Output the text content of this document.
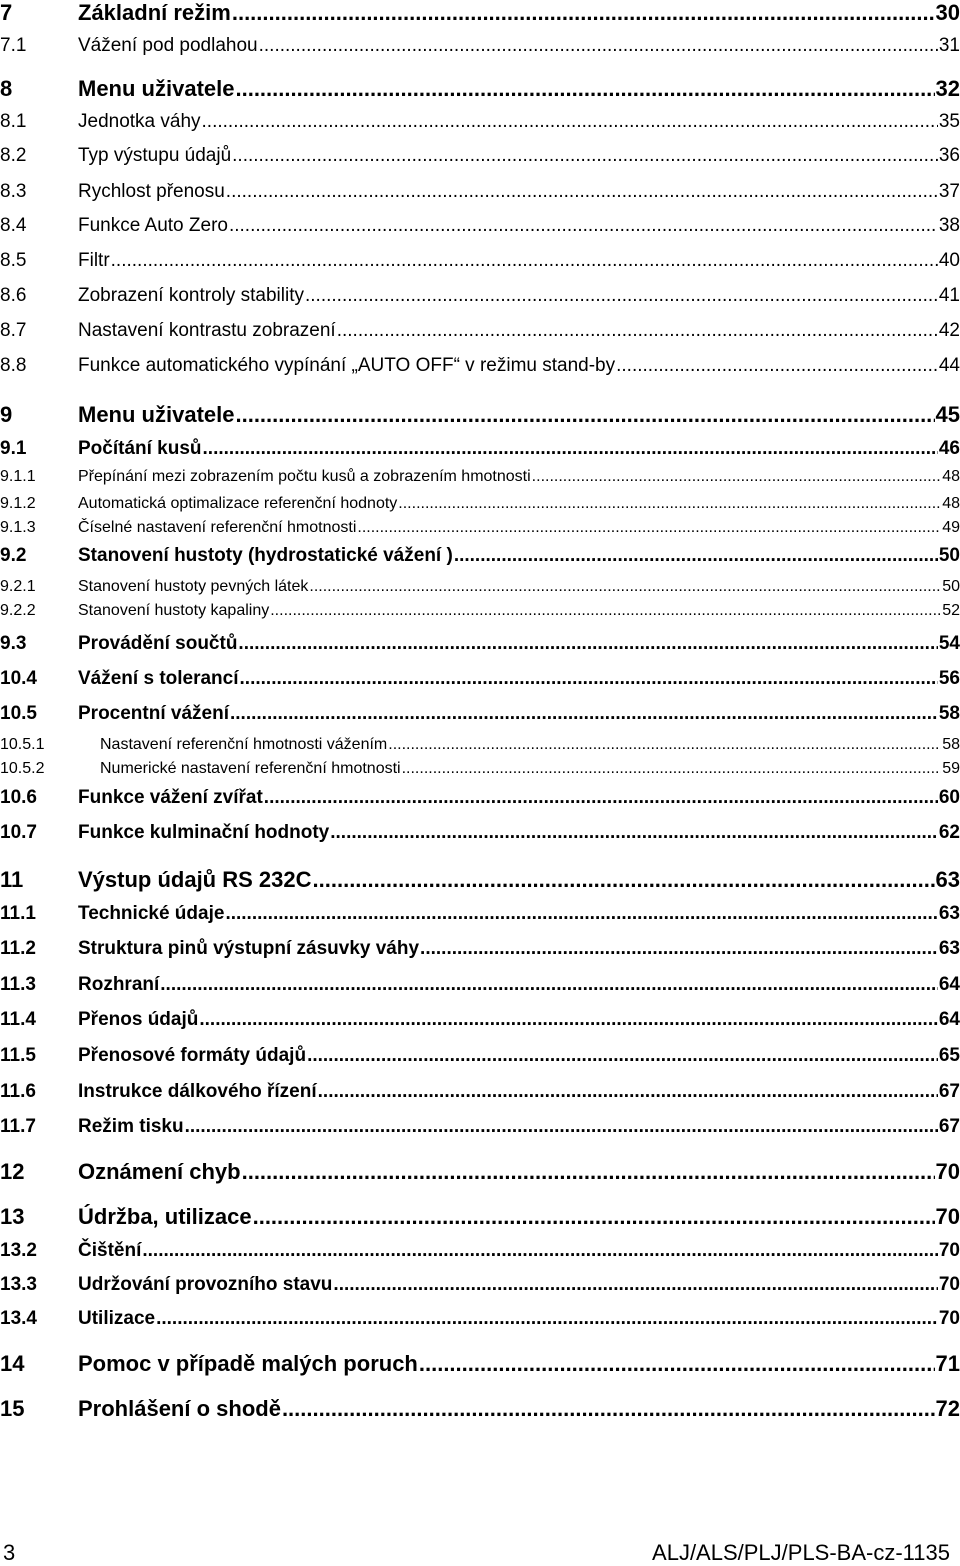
7	Základní režim .....	30
7.1	Vážení pod podlahou .....	31
8	Menu uživatele .....	32
8.1	Jednotka váhy .....	35
8.2	Typ výstupu údajů .....	36
8.3	Rychlost přenosu .....	37
8.4	Funkce Auto Zero .....	38
8.5	Filtr .....	40
8.6	Zobrazení kontroly stability .....	41
8.7	Nastavení kontrastu zobrazení .....	42
8.8	Funkce automatického vypínání „AUTO OFF“ v režimu stand-by .....	44
9	Menu uživatele .....	45
9.1	Počítání kusů .....	46
9.1.1	Přepínání mezi zobrazením počtu kusů a zobrazením hmotnosti .....	48
9.1.2	Automatická optimalizace referenční hodnoty .....	48
9.1.3	Číselné nastavení referenční hmotnosti .....	49
9.2	Stanovení hustoty (hydrostatické vážení ) .....	50
9.2.1	Stanovení hustoty pevných látek .....	50
9.2.2	Stanovení hustoty kapaliny .....	52
9.3	Provádění součtů .....	54
10.4	Vážení s tolerancí .....	56
10.5	Procentní vážení .....	58
10.5.1	Nastavení referenční hmotnosti vážením .....	58
10.5.2	Numerické nastavení referenční hmotnosti .....	59
10.6	Funkce vážení zvířat .....	60
10.7	Funkce kulminační hodnoty .....	62
11	Výstup údajů RS 232C .....	63
11.1	Technické údaje .....	63
11.2	Struktura pinů výstupní zásuvky váhy .....	63
11.3	Rozhraní .....	64
11.4	Přenos údajů .....	64
11.5	Přenosové formáty údajů .....	65
11.6	Instrukce dálkového řízení .....	67
11.7	Režim tisku .....	67
12	Oznámení chyb .....	70
13	Údržba, utilizace .....	70
13.2	Čištění .....	70
13.3	Udržování provozního stavu .....	70
13.4	Utilizace .....	70
14	Pomoc v případě malých poruch .....	71
15	Prohlášení o shodě .....	72
3	ALJ/ALS/PLJ/PLS-BA-cz-1135
